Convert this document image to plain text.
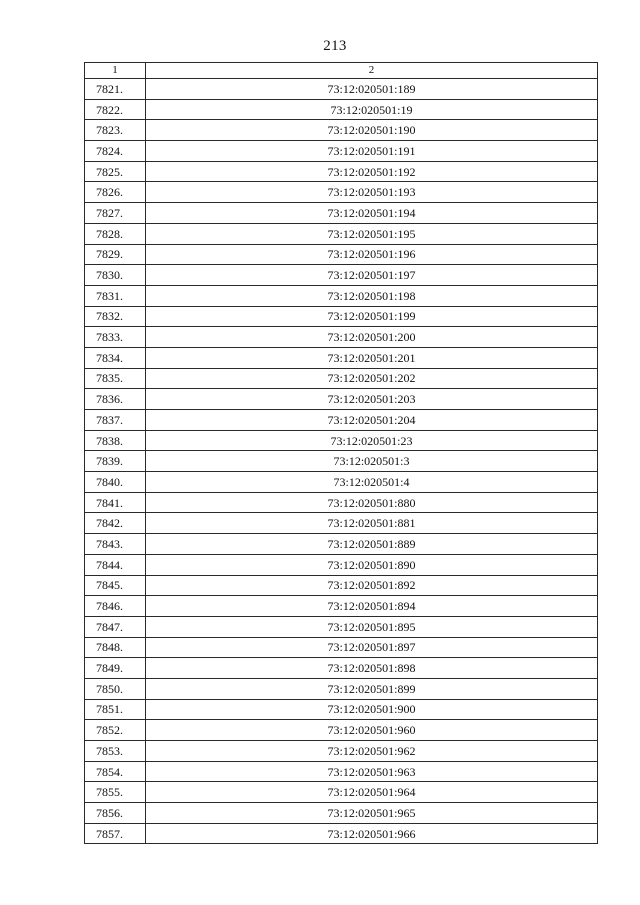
213
1	2
7821.	73:12:020501:189
7822.	73:12:020501:19
7823.	73:12:020501:190
7824.	73:12:020501:191
7825.	73:12:020501:192
7826.	73:12:020501:193
7827.	73:12:020501:194
7828.	73:12:020501:195
7829.	73:12:020501:196
7830.	73:12:020501:197
7831.	73:12:020501:198
7832.	73:12:020501:199
7833.	73:12:020501:200
7834.	73:12:020501:201
7835.	73:12:020501:202
7836.	73:12:020501:203
7837.	73:12:020501:204
7838.	73:12:020501:23
7839.	73:12:020501:3
7840.	73:12:020501:4
7841.	73:12:020501:880
7842.	73:12:020501:881
7843.	73:12:020501:889
7844.	73:12:020501:890
7845.	73:12:020501:892
7846.	73:12:020501:894
7847.	73:12:020501:895
7848.	73:12:020501:897
7849.	73:12:020501:898
7850.	73:12:020501:899
7851.	73:12:020501:900
7852.	73:12:020501:960
7853.	73:12:020501:962
7854.	73:12:020501:963
7855.	73:12:020501:964
7856.	73:12:020501:965
7857.	73:12:020501:966
